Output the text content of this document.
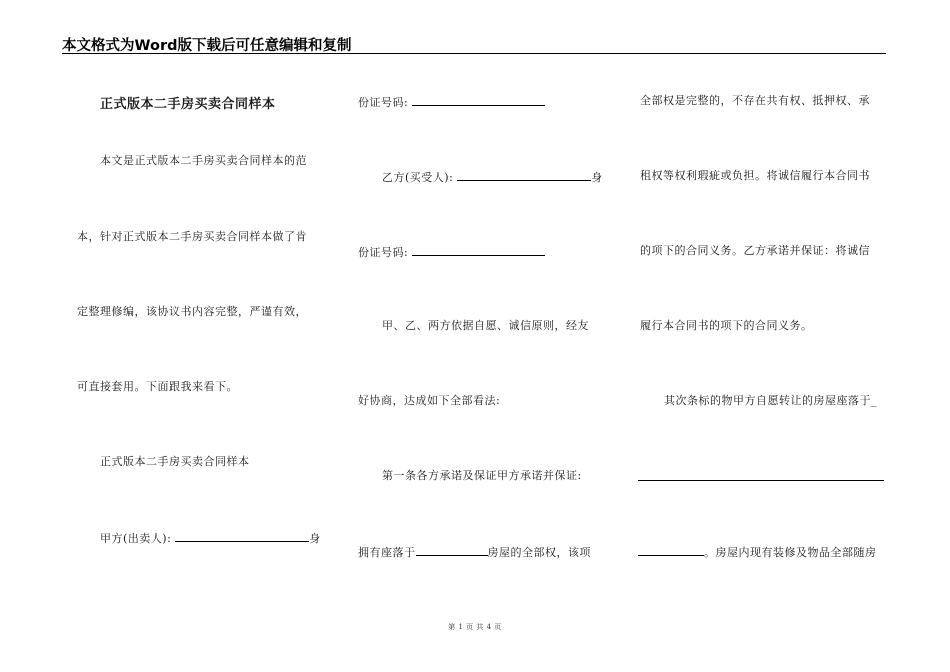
本文格式为Word版下载后可任意编辑和复制
正式版本二手房买卖合同样本
本文是正式版本二手房买卖合同样本的范
本，针对正式版本二手房买卖合同样本做了肯
定整理修编，该协议书内容完整，严谨有效，
可直接套用。下面跟我来看下。
正式版本二手房买卖合同样本
甲方(出卖人):	身
份证号码:
乙方(买受人):	身
份证号码:
甲、乙、两方依据自愿、诚信原则，经友
好协商，达成如下全部看法:
第一条各方承诺及保证甲方承诺并保证:
拥有座落于	房屋的全部权，该项
全部权是完整的，不存在共有权、抵押权、承
租权等权利瑕疵或负担。将诚信履行本合同书
的项下的合同义务。乙方承诺并保证：将诚信
履行本合同书的项下的合同义务。
其次条标的物甲方自愿转让的房屋座落于_
。房屋内现有装修及物品全部随房
第 1 页 共 4 页
